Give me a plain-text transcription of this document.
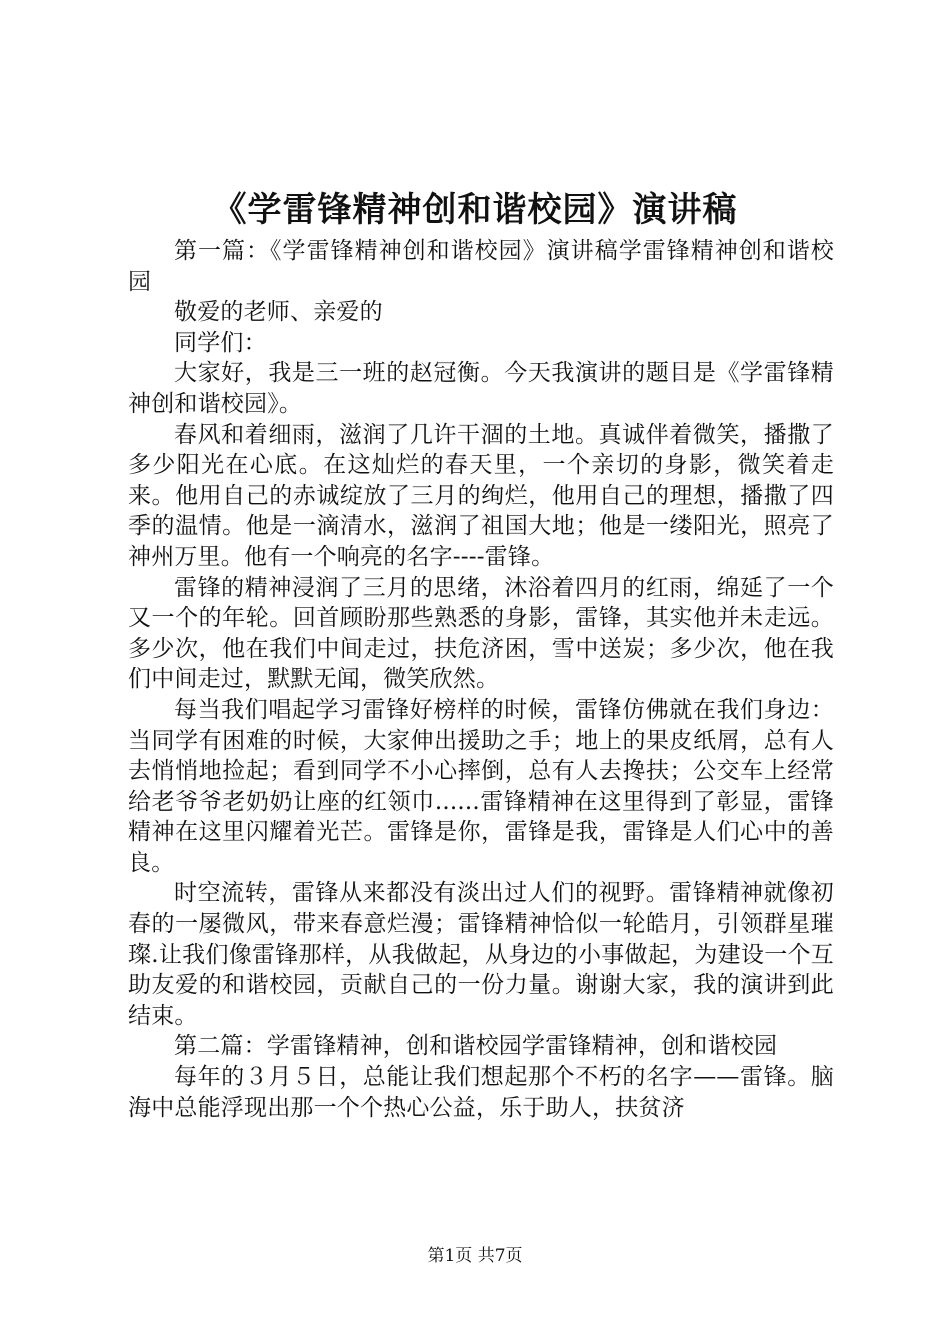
《学雷锋精神创和谐校园》演讲稿

第一篇：《学雷锋精神创和谐校园》演讲稿学雷锋精神创和谐校园

敬爱的老师、亲爱的

同学们：

大家好，我是三一班的赵冠衡。今天我演讲的题目是《学雷锋精神创和谐校园》。

春风和着细雨，滋润了几许干涸的土地。真诚伴着微笑，播撒了多少阳光在心底。在这灿烂的春天里，一个亲切的身影，微笑着走来。他用自己的赤诚绽放了三月的绚烂，他用自己的理想，播撒了四季的温情。他是一滴清水，滋润了祖国大地；他是一缕阳光，照亮了神州万里。他有一个响亮的名字----雷锋。

雷锋的精神浸润了三月的思绪，沐浴着四月的红雨，绵延了一个又一个的年轮。回首顾盼那些熟悉的身影，雷锋，其实他并未走远。多少次，他在我们中间走过，扶危济困，雪中送炭；多少次，他在我们中间走过，默默无闻，微笑欣然。

每当我们唱起学习雷锋好榜样的时候，雷锋仿佛就在我们身边：当同学有困难的时候，大家伸出援助之手；地上的果皮纸屑，总有人去悄悄地捡起；看到同学不小心摔倒，总有人去搀扶；公交车上经常给老爷爷老奶奶让座的红领巾......雷锋精神在这里得到了彰显，雷锋精神在这里闪耀着光芒。雷锋是你，雷锋是我，雷锋是人们心中的善良。

时空流转，雷锋从来都没有淡出过人们的视野。雷锋精神就像初春的一屡微风，带来春意烂漫；雷锋精神恰似一轮皓月，引领群星璀璨.让我们像雷锋那样，从我做起，从身边的小事做起，为建设一个互助友爱的和谐校园，贡献自己的一份力量。谢谢大家，我的演讲到此结束。

第二篇：学雷锋精神，创和谐校园学雷锋精神，创和谐校园

每年的３月５日，总能让我们想起那个不朽的名字——雷锋。脑海中总能浮现出那一个个热心公益，乐于助人，扶贫济

第1页 共7页
